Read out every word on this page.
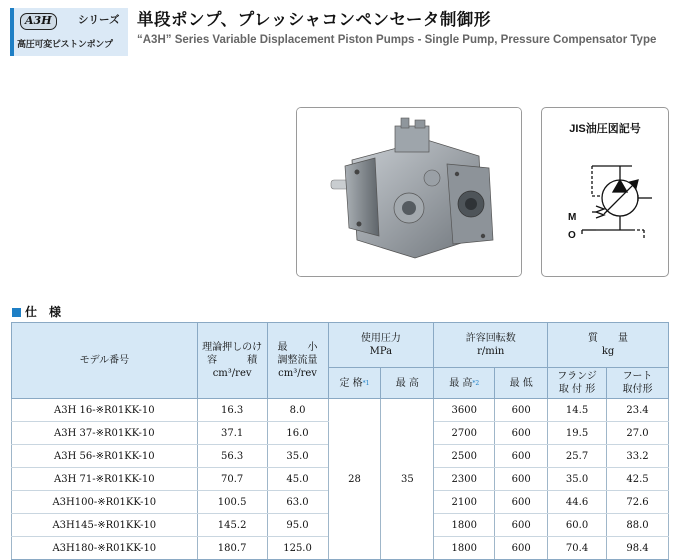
A3H	シリーズ
高圧可変ピストンポンプ
単段ポンプ、プレッシャコンペンセータ制御形
“A3H” Series Variable Displacement Piston Pumps - Single Pump, Pressure Compensator Type
JIS油圧図記号
M
O
仕　様
モデル番号	理論押しのけ
容　　　積
cm³/rev	最　　小
調整流量
cm³/rev	使用圧力
MPa		許容回転数
r/min		質　　量
kg	

			定 格$^{*1}$	最 高	最 高$^{*2}$	最 低	フランジ
取 付 形	フート
取付形

A3H 16-※R01KK-10	16.3	8.0	28	35	3600	600	14.5	23.4
A3H 37-※R01KK-10	37.1	16.0			2700	600	19.5	27.0
A3H 56-※R01KK-10	56.3	35.0			2500	600	25.7	33.2
A3H 71-※R01KK-10	70.7	45.0			2300	600	35.0	42.5
A3H100-※R01KK-10	100.5	63.0			2100	600	44.6	72.6
A3H145-※R01KK-10	145.2	95.0			1800	600	60.0	88.0
A3H180-※R01KK-10	180.7	125.0			1800	600	70.4	98.4
